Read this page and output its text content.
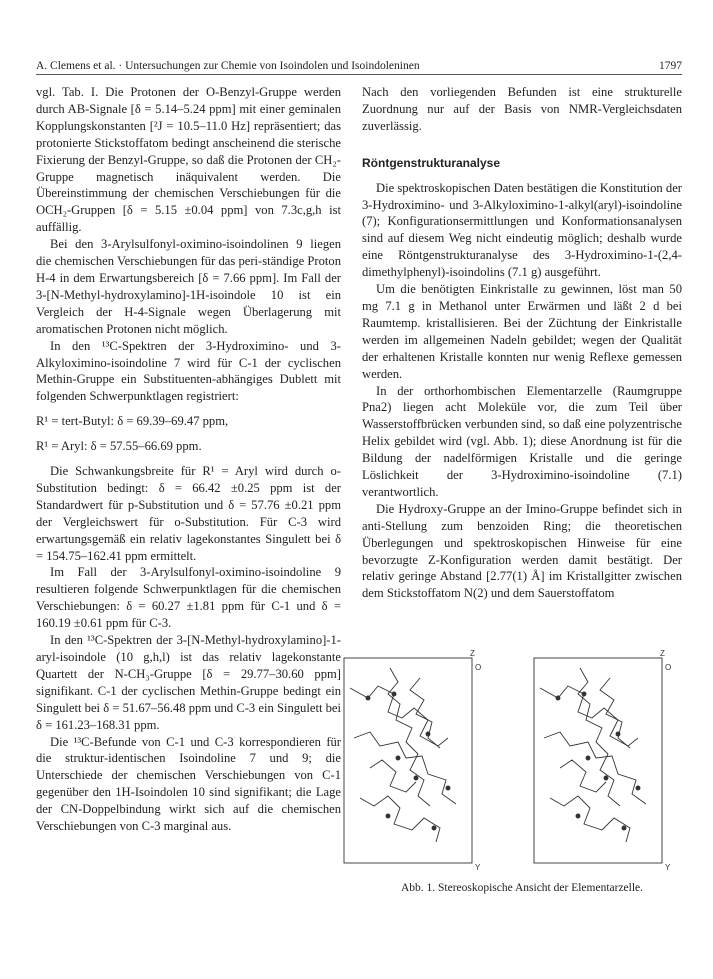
A. Clemens et al. · Untersuchungen zur Chemie von Isoindolen und Isoindoleninen	1797

vgl. Tab. I. Die Protonen der O-Benzyl-Gruppe werden durch AB-Signale [δ = 5.14–5.24 ppm] mit einer geminalen Kopplungskonstanten [²J = 10.5–11.0 Hz] repräsentiert; das protonierte Stickstoffatom bedingt anscheinend die sterische Fixierung der Benzyl-Gruppe, so daß die Protonen der CH₂-Gruppe magnetisch inäquivalent werden. Die Übereinstimmung der chemischen Verschiebungen für die OCH₂-Gruppen [δ = 5.15 ±0.04 ppm] von 7.3c,g,h ist auffällig.

Bei den 3-Arylsulfonyl-oximino-isoindolinen 9 liegen die chemischen Verschiebungen für das peri-ständige Proton H-4 in dem Erwartungsbereich [δ = 7.66 ppm]. Im Fall der 3-[N-Methyl-hydroxylamino]-1H-isoindole 10 ist ein Vergleich der H-4-Signale wegen Überlagerung mit aromatischen Protonen nicht möglich.

In den ¹³C-Spektren der 3-Hydroximino- und 3-Alkyloximino-isoindoline 7 wird für C-1 der cyclischen Methin-Gruppe ein Substituenten-abhängiges Dublett mit folgenden Schwerpunktlagen registriert:

R¹ = tert-Butyl: δ = 69.39–69.47 ppm,

R¹ = Aryl: δ = 57.55–66.69 ppm.

Die Schwankungsbreite für R¹ = Aryl wird durch o-Substitution bedingt: δ = 66.42 ±0.25 ppm ist der Standardwert für p-Substitution und δ = 57.76 ±0.21 ppm der Vergleichswert für o-Substitution. Für C-3 wird erwartungsgemäß ein relativ lagekonstantes Singulett bei δ = 154.75–162.41 ppm ermittelt.

Im Fall der 3-Arylsulfonyl-oximino-isoindoline 9 resultieren folgende Schwerpunktlagen für die chemischen Verschiebungen: δ = 60.27 ±1.81 ppm für C-1 und δ = 160.19 ±0.61 ppm für C-3.

In den ¹³C-Spektren der 3-[N-Methyl-hydroxylamino]-1-aryl-isoindole (10 g,h,l) ist das relativ lagekonstante Quartett der N-CH₃-Gruppe [δ = 29.77–30.60 ppm] signifikant. C-1 der cyclischen Methin-Gruppe bedingt ein Singulett bei δ = 51.67–56.48 ppm und C-3 ein Singulett bei δ = 161.23–168.31 ppm.

Die ¹³C-Befunde von C-1 und C-3 korrespondieren für die struktur-identischen Isoindoline 7 und 9; die Unterschiede der chemischen Verschiebungen von C-1 gegenüber den 1H-Isoindolen 10 sind signifikant; die Lage der CN-Doppelbindung wirkt sich auf die chemischen Verschiebungen von C-3 marginal aus.

Nach den vorliegenden Befunden ist eine strukturelle Zuordnung nur auf der Basis von NMR-Vergleichsdaten zuverlässig.

Röntgenstrukturanalyse

Die spektroskopischen Daten bestätigen die Konstitution der 3-Hydroximino- und 3-Alkyloximino-1-alkyl(aryl)-isoindoline (7); Konfigurationsermittlungen und Konformationsanalysen sind auf diesem Weg nicht eindeutig möglich; deshalb wurde eine Röntgenstrukturanalyse des 3-Hydroximino-1-(2,4-dimethylphenyl)-isoindolins (7.1 g) ausgeführt.

Um die benötigten Einkristalle zu gewinnen, löst man 50 mg 7.1 g in Methanol unter Erwärmen und läßt 2 d bei Raumtemp. kristallisieren. Bei der Züchtung der Einkristalle werden im allgemeinen Nadeln gebildet; wegen der Qualität der erhaltenen Kristalle konnten nur wenig Reflexe gemessen werden.

In der orthorhombischen Elementarzelle (Raumgruppe Pna2) liegen acht Moleküle vor, die zum Teil über Wasserstoffbrücken verbunden sind, so daß eine polyzentrische Helix gebildet wird (vgl. Abb. 1); diese Anordnung ist für die Bildung der nadelförmigen Kristalle und die geringe Löslichkeit der 3-Hydroximino-isoindoline (7.1) verantwortlich.

Die Hydroxy-Gruppe an der Imino-Gruppe befindet sich in anti-Stellung zum benzoiden Ring; die theoretischen Überlegungen und spektroskopischen Hinweise für eine bevorzugte Z-Konfiguration werden damit bestätigt. Der relativ geringe Abstand [2.77(1) Å] im Kristallgitter zwischen dem Stickstoffatom N(2) und dem Sauerstoffatom

Z	Z
O	O
Y	Y
Abb. 1. Stereoskopische Ansicht der Elementarzelle.
